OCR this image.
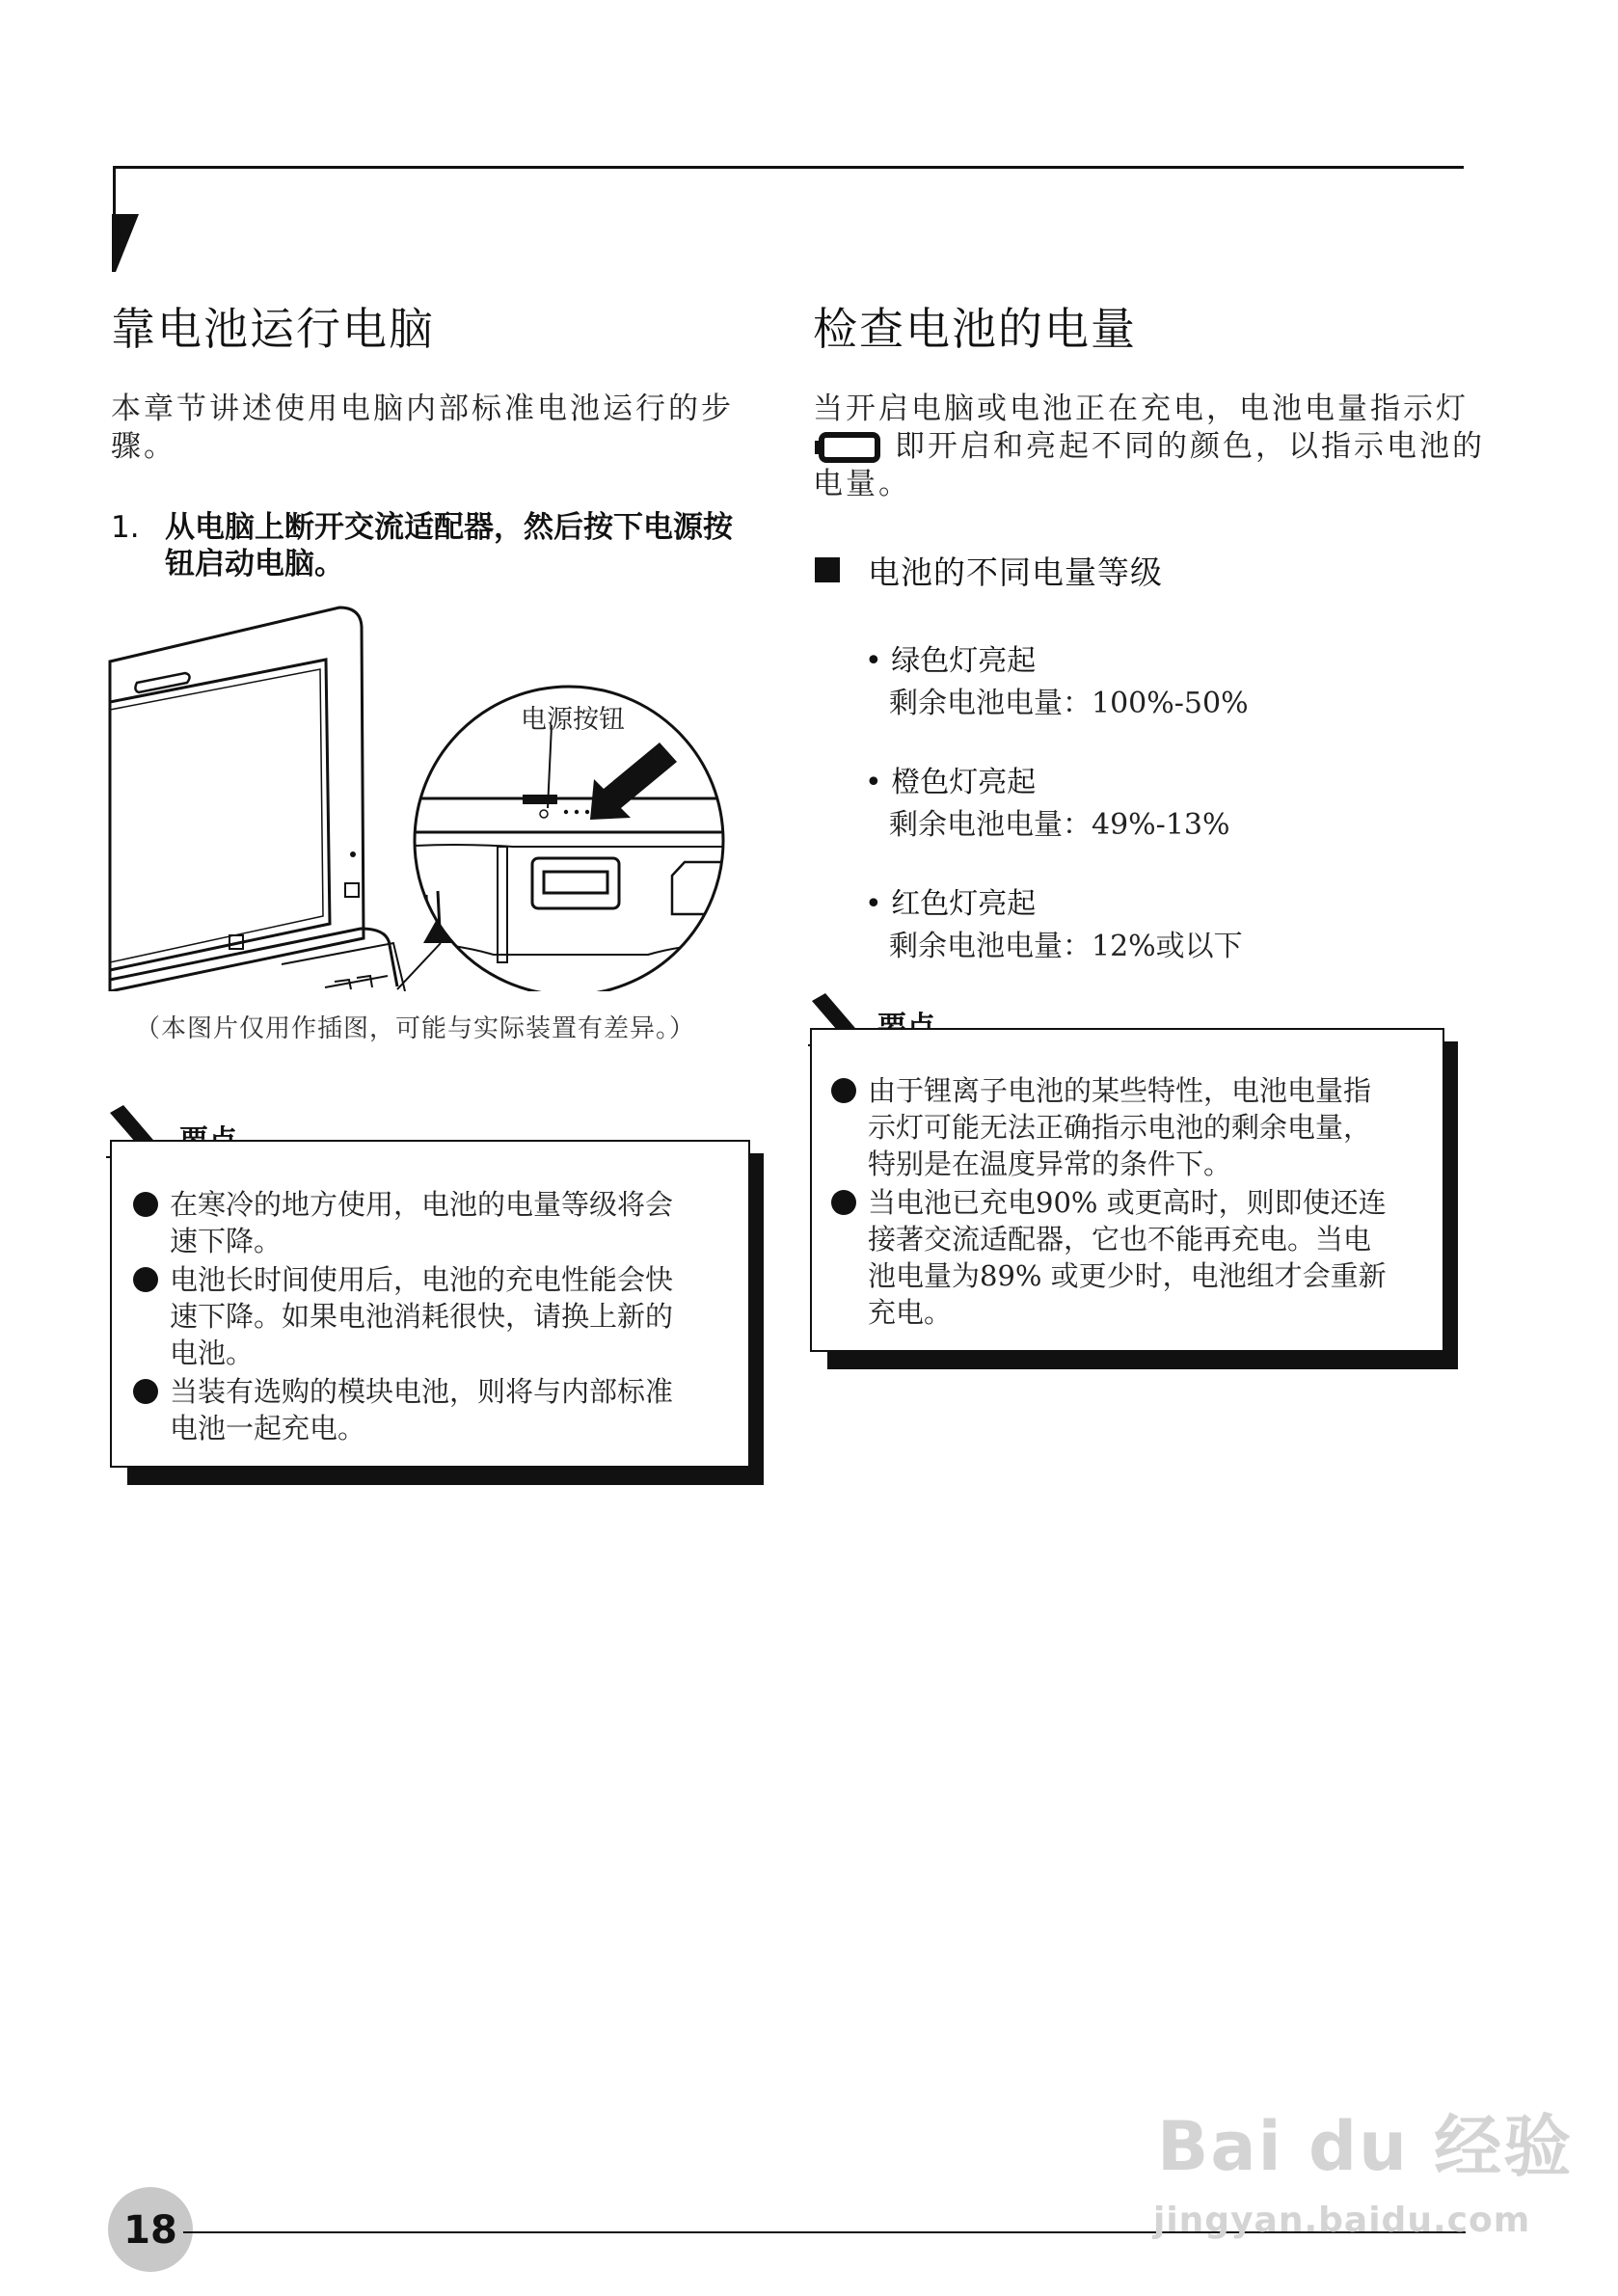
靠电池运行电脑
本章节讲述使用电脑内部标准电池运行的步
骤。
1. 从电脑上断开交流适配器，然后按下电源按
钮启动电脑。
电源按钮
（本图片仅用作插图，可能与实际装置有差异。）
在寒冷的地方使用，电池的电量等级将会
速下降。
电池长时间使用后，电池的充电性能会快
速下降。如果电池消耗很快，请换上新的
电池。
当装有选购的模块电池，则将与内部标准
电池一起充电。
检查电池的电量
当开启电脑或电池正在充电，电池电量指示灯
即开启和亮起不同的颜色，以指示电池的
电量。
电池的不同电量等级
• 绿色灯亮起
剩余电池电量：100%-50%
• 橙色灯亮起
剩余电池电量：49%-13%
• 红色灯亮起
剩余电池电量：12%或以下
由于锂离子电池的某些特性，电池电量指
示灯可能无法正确指示电池的剩余电量，
特别是在温度异常的条件下。
当电池已充电90% 或更高时，则即使还连
接著交流适配器，它也不能再充电。当电
池电量为89% 或更少时，电池组才会重新
充电。
18
Bai du 经验
jingyan.baidu.com
